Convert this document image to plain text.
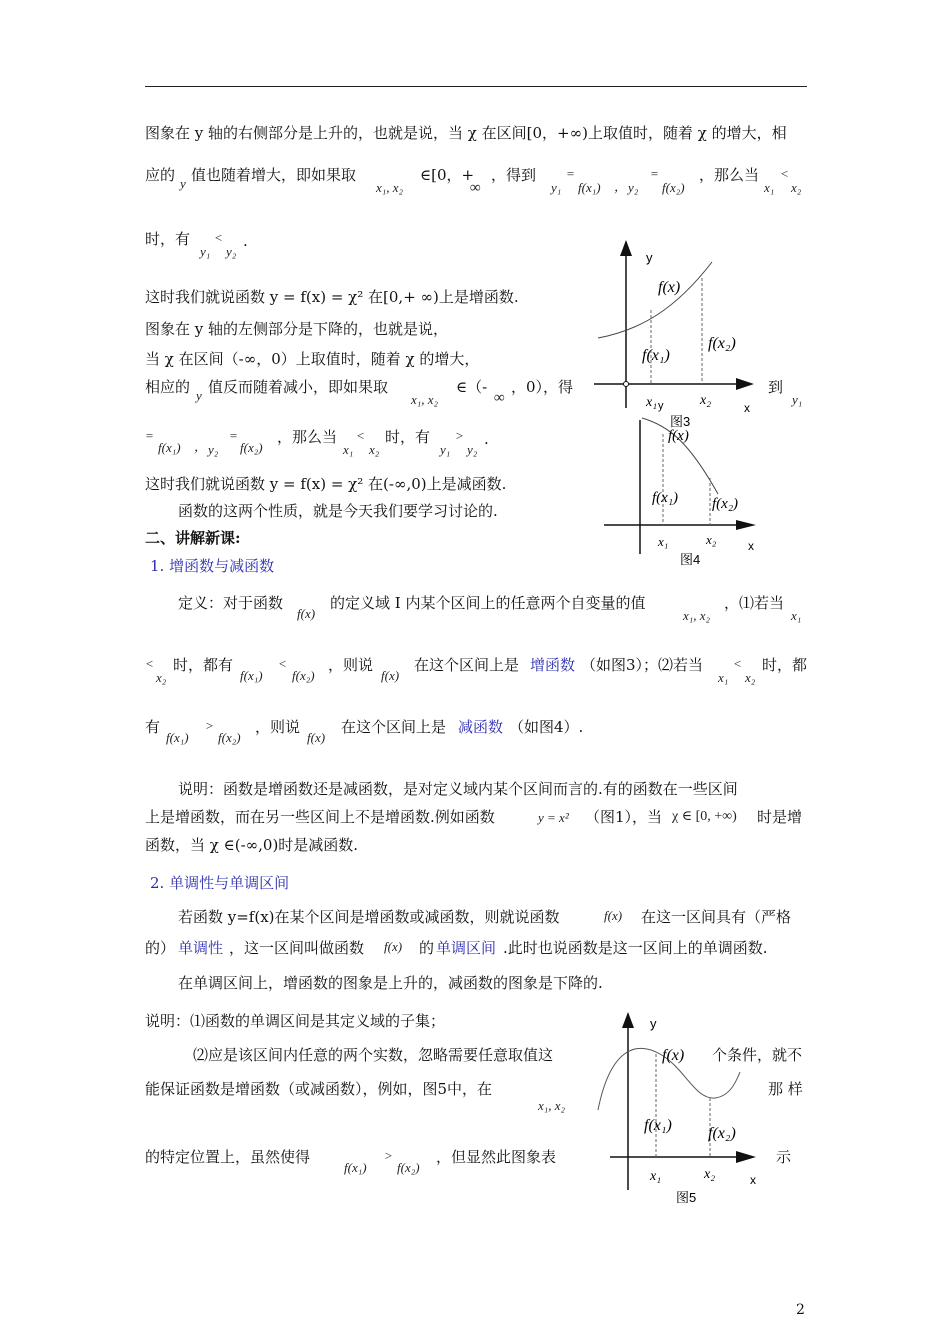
图象在 y 轴的右侧部分是上升的，也就是说，当 χ 在区间[0，+∞)上取值时，随着 χ 的增大，相
应的 y 值也随着增大，即如果取
x₁, x₂
∈[0，+
∞
，得到
y₁
=
f(x₁) ， y₂
=
f(x₂)
，那么当
x₁
<
x₂
时，有
y₁
<
y₂
.
这时我们就说函数 y = f(x) = χ² 在[0,+ ∞)上是增函数.
图象在 y 轴的左侧部分是下降的，也就是说，
当 χ 在区间（-∞，0）上取值时，随着 χ 的增大，
相应的 y 值反而随着减小，即如果取
x₁, x₂
∈（-
∞
，0），得	到
y₁
=
f(x₁) ， y₂
=
f(x₂)
，那么当
x₁
<
x₂
时，有
y₁
>
y₂
.
这时我们就说函数 y = f(x) = χ² 在(-∞,0)上是减函数.
函数的这两个性质，就是今天我们要学习讨论的.
二、讲解新课:
1. 增函数与减函数
定义：对于函数
f(x)
的定义域 I 内某个区间上的任意两个自变量的值
x₁, x₂
，⑴若当
x₁
<
x₂
时，都有
f(x₁)
<
f(x₂)
，则说
f(x)
在这个区间上是 增函数 （如图3）；⑵若当
x₁
<
x₂
时，都
有
f(x₁)
>
f(x₂)
，则说
f(x)
在这个区间上是 减函数 （如图4）.
说明：函数是增函数还是减函数，是对定义域内某个区间而言的.有的函数在一些区间
上是增函数，而在另一些区间上不是增函数.例如函数	y = x² （图1），当 χ ∈ [0, +∞) 时是增
函数，当 χ ∈(-∞,0)时是减函数.
2. 单调性与单调区间
若函数 y=f(x)在某个区间是增函数或减函数，则就说函数	f(x) 在这一区间具有（严格
的） 单调性 ，这一区间叫做函数 f(x) 的 单调区间 .此时也说函数是这一区间上的单调函数.
在单调区间上，增函数的图象是上升的，减函数的图象是下降的.
说明：⑴函数的单调区间是其定义域的子集；
⑵应是该区间内任意的两个实数，忽略需要任意取值这	个条件，就不
能保证函数是增函数（或减函数），例如，图5中，在
x₁, x₂
那 样
的特定位置上，虽然使得
f(x₁)
>
f(x₂)
，但显然此图象表	示
y
f(x)
f(x₁)
f(x₂)
x₁ y	x₂	x
图3
f(x)
f(x₁) f(x₂)
x₁	x₂	x
图4
y
f(x)
f(x₁) f(x₂)
x₁	x₂	x
图5
2
